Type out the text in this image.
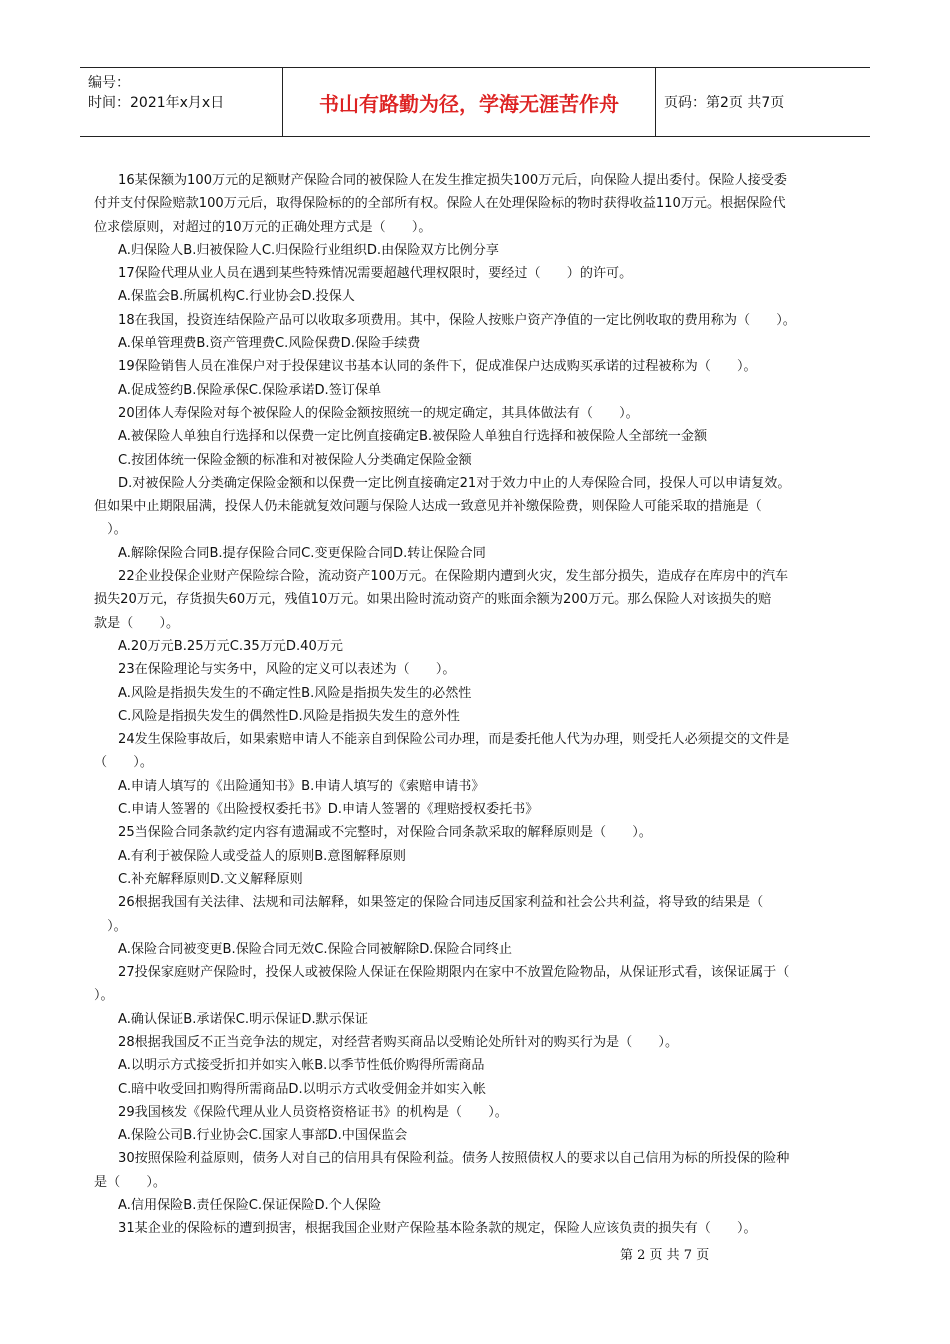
编号：
时间：2021年x月x日	书山有路勤为径，学海无涯苦作舟	页码：第2页 共7页
16某保额为100万元的足额财产保险合同的被保险人在发生推定损失100万元后，向保险人提出委付。保险人接受委
付并支付保险赔款100万元后，取得保险标的的全部所有权。保险人在处理保险标的物时获得收益110万元。根据保险代
位求偿原则，对超过的10万元的正确处理方式是（　　）。
A.归保险人B.归被保险人C.归保险行业组织D.由保险双方比例分享
17保险代理从业人员在遇到某些特殊情况需要超越代理权限时，要经过（　　）的许可。
A.保监会B.所属机构C.行业协会D.投保人
18在我国，投资连结保险产品可以收取多项费用。其中，保险人按账户资产净值的一定比例收取的费用称为（　　）。
A.保单管理费B.资产管理费C.风险保费D.保险手续费
19保险销售人员在准保户对于投保建议书基本认同的条件下，促成准保户达成购买承诺的过程被称为（　　）。
A.促成签约B.保险承保C.保险承诺D.签订保单
20团体人寿保险对每个被保险人的保险金额按照统一的规定确定，其具体做法有（　　）。
A.被保险人单独自行选择和以保费一定比例直接确定B.被保险人单独自行选择和被保险人全部统一金额
C.按团体统一保险金额的标准和对被保险人分类确定保险金额
D.对被保险人分类确定保险金额和以保费一定比例直接确定21对于效力中止的人寿保险合同，投保人可以申请复效。
但如果中止期限届满，投保人仍未能就复效问题与保险人达成一致意见并补缴保险费，则保险人可能采取的措施是（
　）。
A.解除保险合同B.提存保险合同C.变更保险合同D.转让保险合同
22企业投保企业财产保险综合险，流动资产100万元。在保险期内遭到火灾，发生部分损失，造成存在库房中的汽车
损失20万元，存货损失60万元，残值10万元。如果出险时流动资产的账面余额为200万元。那么保险人对该损失的赔
款是（　　）。
A.20万元B.25万元C.35万元D.40万元
23在保险理论与实务中，风险的定义可以表述为（　　）。
A.风险是指损失发生的不确定性B.风险是指损失发生的必然性
C.风险是指损失发生的偶然性D.风险是指损失发生的意外性
24发生保险事故后，如果索赔申请人不能亲自到保险公司办理，而是委托他人代为办理，则受托人必须提交的文件是
（　　）。
A.申请人填写的《出险通知书》B.申请人填写的《索赔申请书》
C.申请人签署的《出险授权委托书》D.申请人签署的《理赔授权委托书》
25当保险合同条款约定内容有遗漏或不完整时，对保险合同条款采取的解释原则是（　　）。
A.有利于被保险人或受益人的原则B.意图解释原则
C.补充解释原则D.文义解释原则
26根据我国有关法律、法规和司法解释，如果签定的保险合同违反国家利益和社会公共利益，将导致的结果是（
　）。
A.保险合同被变更B.保险合同无效C.保险合同被解除D.保险合同终止
27投保家庭财产保险时，投保人或被保险人保证在保险期限内在家中不放置危险物品，从保证形式看，该保证属于（
）。
A.确认保证B.承诺保C.明示保证D.默示保证
28根据我国反不正当竞争法的规定，对经营者购买商品以受贿论处所针对的购买行为是（　　）。
A.以明示方式接受折扣并如实入帐B.以季节性低价购得所需商品
C.暗中收受回扣购得所需商品D.以明示方式收受佣金并如实入帐
29我国核发《保险代理从业人员资格资格证书》的机构是（　　）。
A.保险公司B.行业协会C.国家人事部D.中国保监会
30按照保险利益原则，债务人对自己的信用具有保险利益。债务人按照债权人的要求以自己信用为标的所投保的险种
是（　　）。
A.信用保险B.责任保险C.保证保险D.个人保险
31某企业的保险标的遭到损害，根据我国企业财产保险基本险条款的规定，保险人应该负责的损失有（　　）。
第 2 页 共 7 页
